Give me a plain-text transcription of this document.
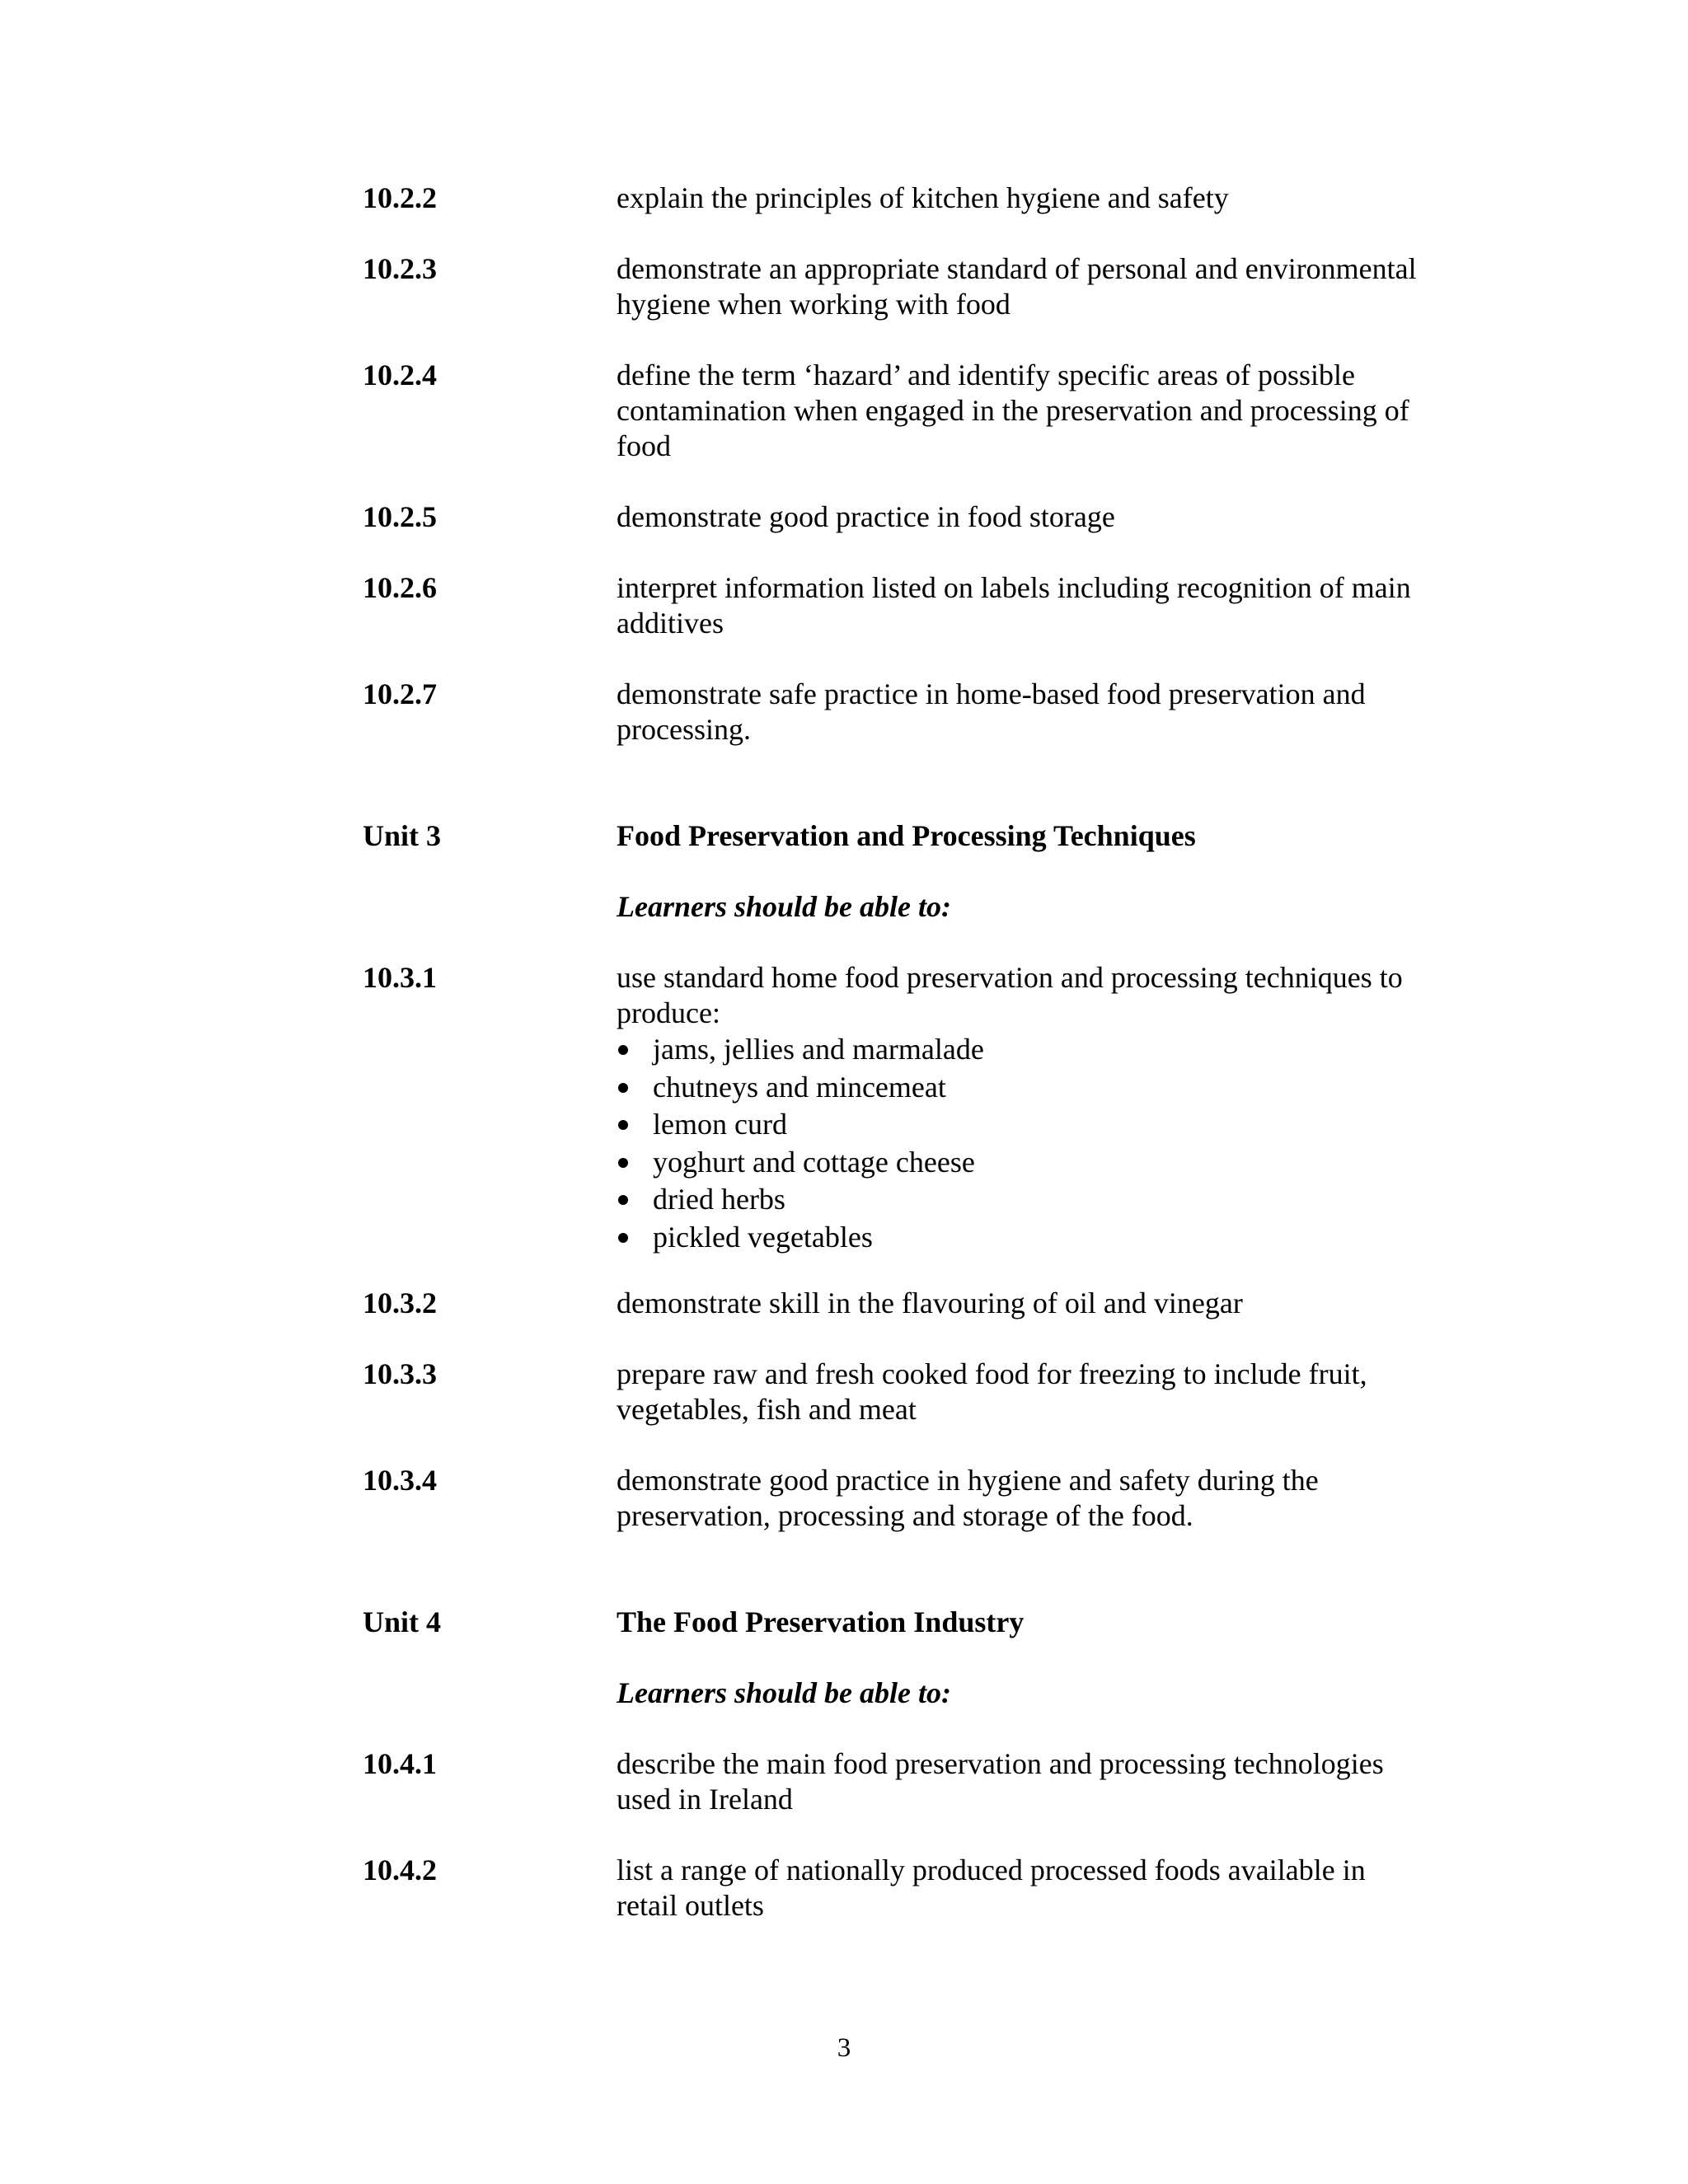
10.2.2	explain the principles of kitchen hygiene and safety

10.2.3	demonstrate an appropriate standard of personal and environmental hygiene when working with food

10.2.4	define the term ‘hazard’ and identify specific areas of possible contamination when engaged in the preservation and processing of food

10.2.5	demonstrate good practice in food storage

10.2.6	interpret information listed on labels including recognition of main additives

10.2.7	demonstrate safe practice in home-based food preservation and processing.

Unit 3	Food Preservation and Processing Techniques

Learners should be able to:

10.3.1	use standard home food preservation and processing techniques to produce:

jams, jellies and marmalade
chutneys and mincemeat
lemon curd
yoghurt and cottage cheese
dried herbs
pickled vegetables
10.3.2	demonstrate skill in the flavouring of oil and vinegar

10.3.3	prepare raw and fresh cooked food for freezing to include fruit, vegetables, fish and meat

10.3.4	demonstrate good practice in hygiene and safety during the preservation, processing and storage of the food.

Unit 4	The Food Preservation Industry

Learners should be able to:

10.4.1	describe the main food preservation and processing technologies used in Ireland

10.4.2	list a range of nationally produced processed foods available in retail outlets

3
